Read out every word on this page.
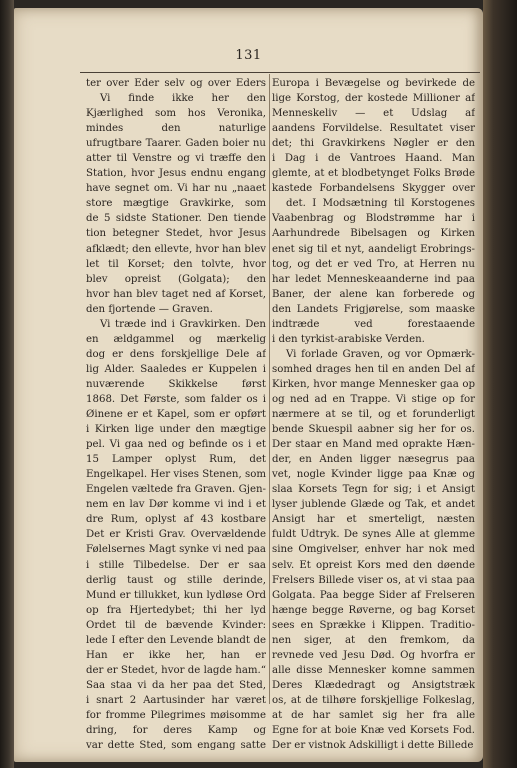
131
ter over Eder selv og over Eders
Vi finde ikke her den
Kjærlighed som hos Veronika,
mindes den naturlige
ufrugtbare Taarer. Gaden boier nu
atter til Venstre og vi træffe den
Station, hvor Jesus endnu engang
have segnet om. Vi har nu „naaet
store mægtige Gravkirke, som
de 5 sidste Stationer. Den tiende
tion betegner Stedet, hvor Jesus
afklædt; den ellevte, hvor han blev
let til Korset; den tolvte, hvor
blev opreist (Golgata); den
hvor han blev taget ned af Korset,
den fjortende — Graven.
Vi træde ind i Gravkirken. Den
en ældgammel og mærkelig
dog er dens forskjellige Dele af
lig Alder. Saaledes er Kuppelen i
nuværende Skikkelse først
1868. Det Første, som falder os i
Øinene er et Kapel, som er opført
i Kirken lige under den mægtige
pel. Vi gaa ned og befinde os i et
15 Lamper oplyst Rum, det
Engelkapel. Her vises Stenen, som
Engelen væltede fra Graven. Gjen-
nem en lav Dør komme vi ind i et
dre Rum, oplyst af 43 kostbare
Det er Kristi Grav. Overvældende
Følelsernes Magt synke vi ned paa
i stille Tilbedelse. Der er saa
derlig taust og stille derinde,
Mund er tillukket, kun lydløse Ord
op fra Hjertedybet; thi her lyd
Ordet til de bævende Kvinder:
lede I efter den Levende blandt de
Han er ikke her, han er
der er Stedet, hvor de lagde ham.“
Saa staa vi da her paa det Sted,
i snart 2 Aartusinder har været
for fromme Pilegrimes møisomme
dring, for deres Kamp og
var dette Sted, som engang satte
Europa i Bevægelse og bevirkede de
lige Korstog, der kostede Millioner af
Menneskeliv — et Udslag af
aandens Forvildelse. Resultatet viser
det; thi Gravkirkens Nøgler er den
i Dag i de Vantroes Haand. Man
glemte, at et blodbetynget Folks Brøde
kastede Forbandelsens Skygger over
det. I Modsætning til Korstogenes
Vaabenbrag og Blodstrømme har i
Aarhundrede Bibelsagen og Kirken
enet sig til et nyt, aandeligt Erobrings-
tog, og det er ved Tro, at Herren nu
har ledet Menneskeaanderne ind paa
Baner, der alene kan forberede og
den Landets Frigjørelse, som maaske
indtræde ved forestaaende
i den tyrkist-arabiske Verden.
Vi forlade Graven, og vor Opmærk-
somhed drages hen til en anden Del af
Kirken, hvor mange Mennesker gaa op
og ned ad en Trappe. Vi stige op for
nærmere at se til, og et forunderligt
bende Skuespil aabner sig her for os.
Der staar en Mand med oprakte Hæn-
der, en Anden ligger næsegrus paa
vet, nogle Kvinder ligge paa Knæ og
slaa Korsets Tegn for sig; i et Ansigt
lyser jublende Glæde og Tak, et andet
Ansigt har et smerteligt, næsten
fuldt Udtryk. De synes Alle at glemme
sine Omgivelser, enhver har nok med
selv. Et opreist Kors med den døende
Frelsers Billede viser os, at vi staa paa
Golgata. Paa begge Sider af Frelseren
hænge begge Røverne, og bag Korset
sees en Sprække i Klippen. Traditio-
nen siger, at den fremkom, da
revnede ved Jesu Død. Og hvorfra er
alle disse Mennesker komne sammen
Deres Klædedragt og Ansigtstræk
os, at de tilhøre forskjellige Folkeslag,
at de har samlet sig her fra alle
Egne for at boie Knæ ved Korsets Fod.
Der er vistnok Adskilligt i dette Billede
